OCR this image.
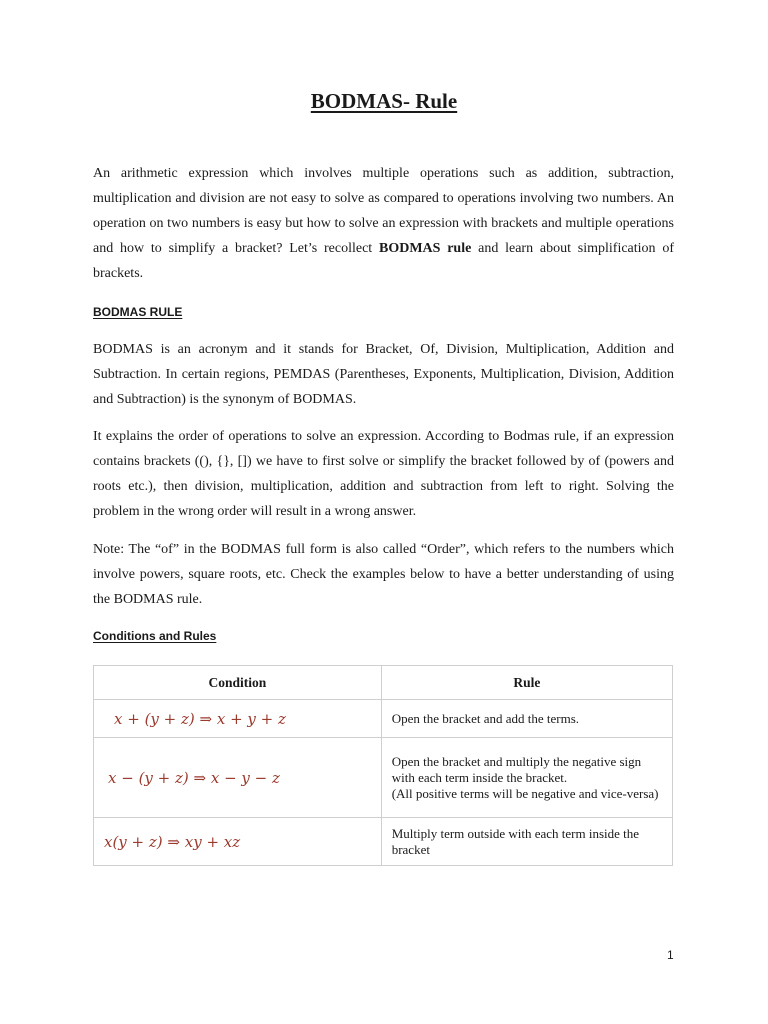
BODMAS- Rule

An arithmetic expression which involves multiple operations such as addition, subtraction, multiplication and division are not easy to solve as compared to operations involving two numbers. An operation on two numbers is easy but how to solve an expression with brackets and multiple operations and how to simplify a bracket? Let’s recollect BODMAS rule and learn about simplification of brackets.

BODMAS RULE

BODMAS is an acronym and it stands for Bracket, Of, Division, Multiplication, Addition and Subtraction. In certain regions, PEMDAS (Parentheses, Exponents, Multiplication, Division, Addition and Subtraction) is the synonym of BODMAS.

It explains the order of operations to solve an expression. According to Bodmas rule, if an expression contains brackets ((), {}, []) we have to first solve or simplify the bracket followed by of (powers and roots etc.), then division, multiplication, addition and subtraction from left to right. Solving the problem in the wrong order will result in a wrong answer.

Note: The “of” in the BODMAS full form is also called “Order”, which refers to the numbers which involve powers, square roots, etc. Check the examples below to have a better understanding of using the BODMAS rule.

Conditions and Rules
Condition	Rule
x + (y + z) ⇒ x + y + z	Open the bracket and add the terms.
x − (y + z) ⇒ x − y − z	Open the bracket and multiply the negative sign with each term inside the bracket.
(All positive terms will be negative and vice-versa)
x(y + z) ⇒ xy + xz	Multiply term outside with each term inside the bracket
1
